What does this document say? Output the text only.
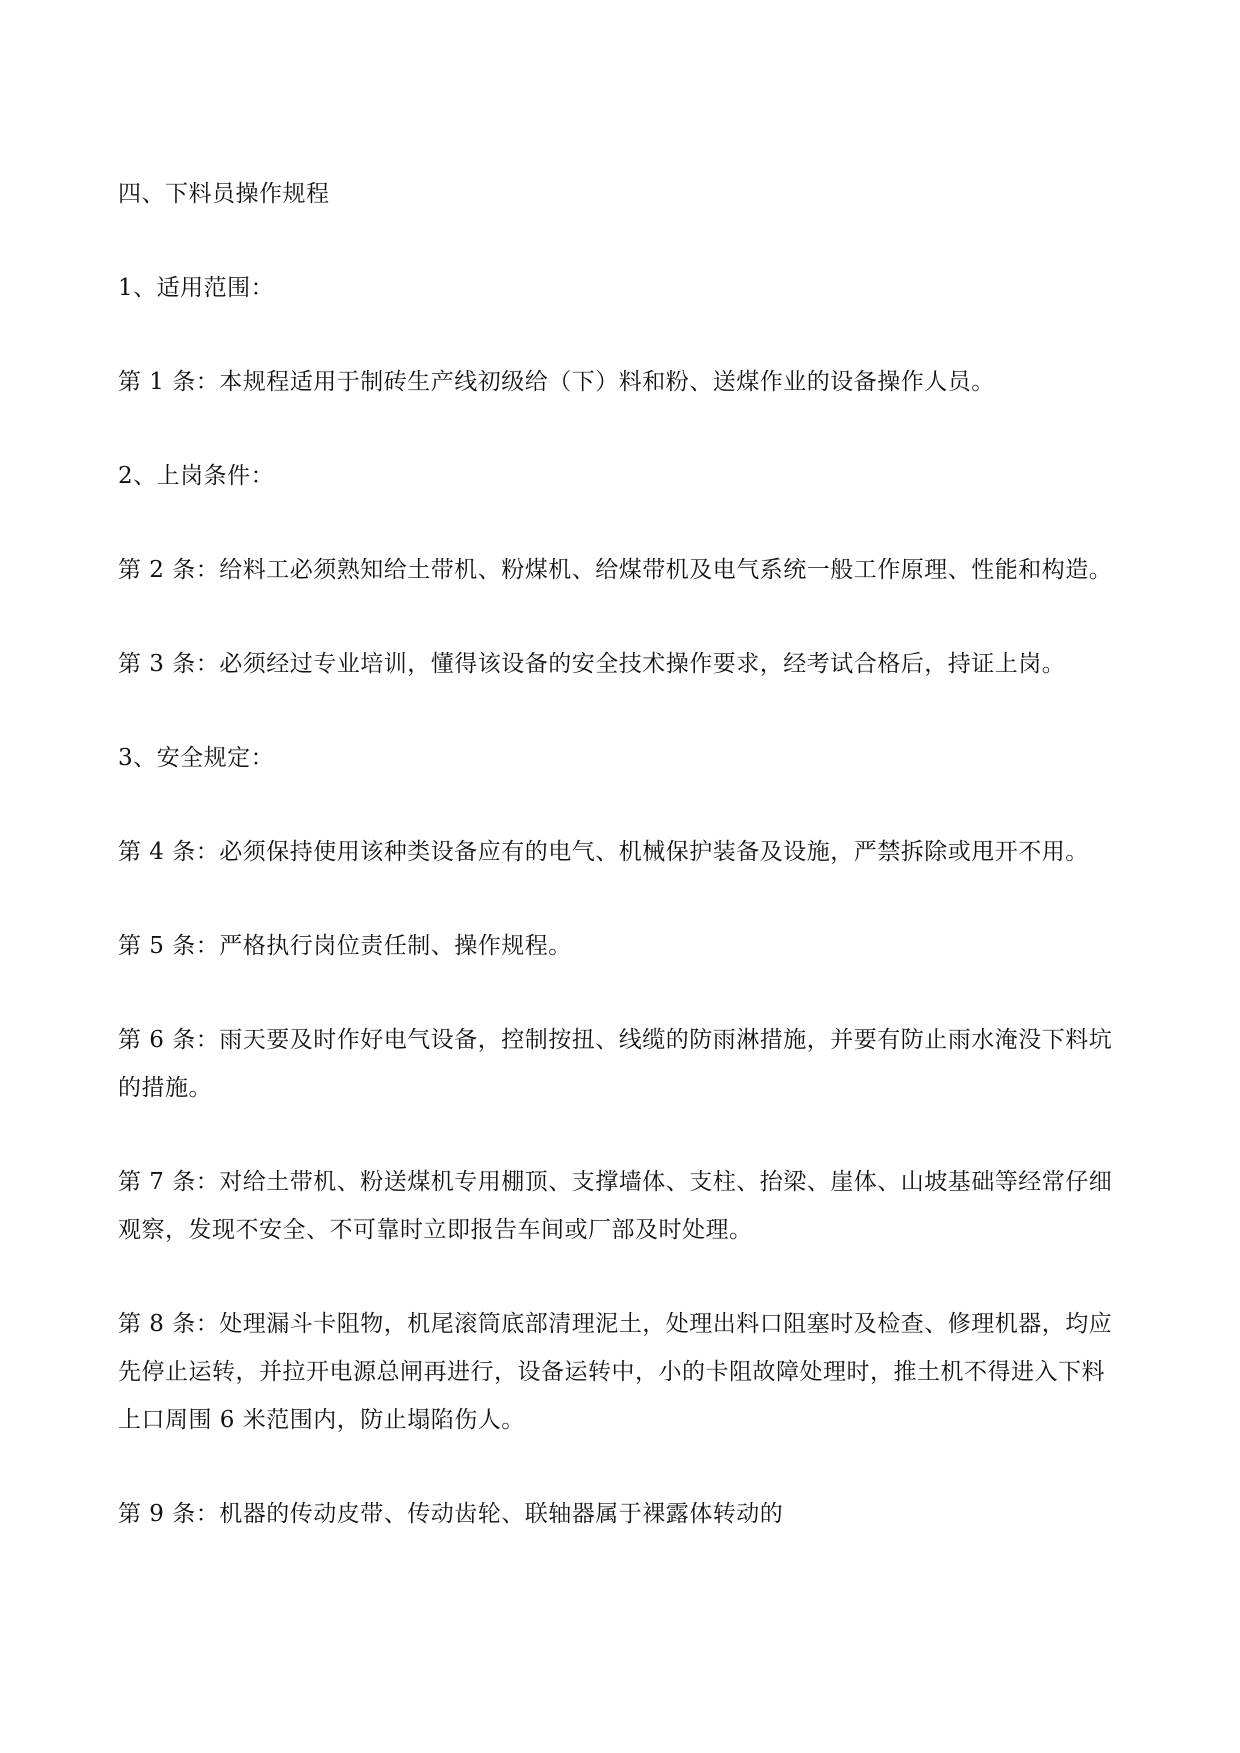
四、下料员操作规程

1、适用范围：

第 1 条：本规程适用于制砖生产线初级给（下）料和粉、送煤作业的设备操作人员。

2、上岗条件：

第 2 条：给料工必须熟知给土带机、粉煤机、给煤带机及电气系统一般工作原理、性能和构造。

第 3 条：必须经过专业培训，懂得该设备的安全技术操作要求，经考试合格后，持证上岗。

3、安全规定：

第 4 条：必须保持使用该种类设备应有的电气、机械保护装备及设施，严禁拆除或甩开不用。

第 5 条：严格执行岗位责任制、操作规程。

第 6 条：雨天要及时作好电气设备，控制按扭、线缆的防雨淋措施，并要有防止雨水淹没下料坑的措施。

第 7 条：对给土带机、粉送煤机专用棚顶、支撑墙体、支柱、抬梁、崖体、山坡基础等经常仔细观察，发现不安全、不可靠时立即报告车间或厂部及时处理。

第 8 条：处理漏斗卡阻物，机尾滚筒底部清理泥土，处理出料口阻塞时及检查、修理机器，均应先停止运转，并拉开电源总闸再进行，设备运转中，小的卡阻故障处理时，推土机不得进入下料上口周围 6 米范围内，防止塌陷伤人。

第 9 条：机器的传动皮带、传动齿轮、联轴器属于裸露体转动的
